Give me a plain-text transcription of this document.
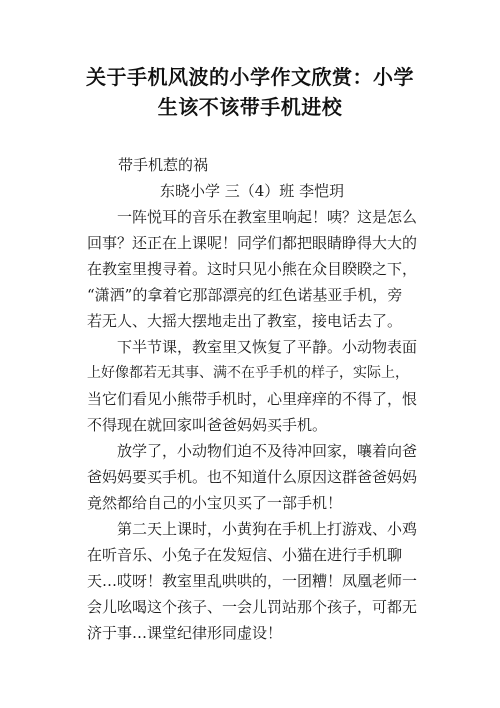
关于手机风波的小学作文欣赏：小学
生该不该带手机进校
带手机惹的祸
东晓小学 三（4）班 李恺玥
　　一阵悦耳的音乐在教室里响起！咦？这是怎么
回事？还正在上课呢！同学们都把眼睛睁得大大的
在教室里搜寻着。这时只见小熊在众目睽睽之下，
“潇洒”的拿着它那部漂亮的红色诺基亚手机，旁
若无人、大摇大摆地走出了教室，接电话去了。
　　下半节课，教室里又恢复了平静。小动物表面
上好像都若无其事、满不在乎手机的样子，实际上，
当它们看见小熊带手机时，心里痒痒的不得了，恨
不得现在就回家叫爸爸妈妈买手机。
　　放学了，小动物们迫不及待冲回家，嚷着向爸
爸妈妈要买手机。也不知道什么原因这群爸爸妈妈
竟然都给自己的小宝贝买了一部手机！
　　第二天上课时，小黄狗在手机上打游戏、小鸡
在听音乐、小兔子在发短信、小猫在进行手机聊
天…哎呀！教室里乱哄哄的，一团糟！凤凰老师一
会儿吆喝这个孩子、一会儿罚站那个孩子，可都无
济于事…课堂纪律形同虚设！
